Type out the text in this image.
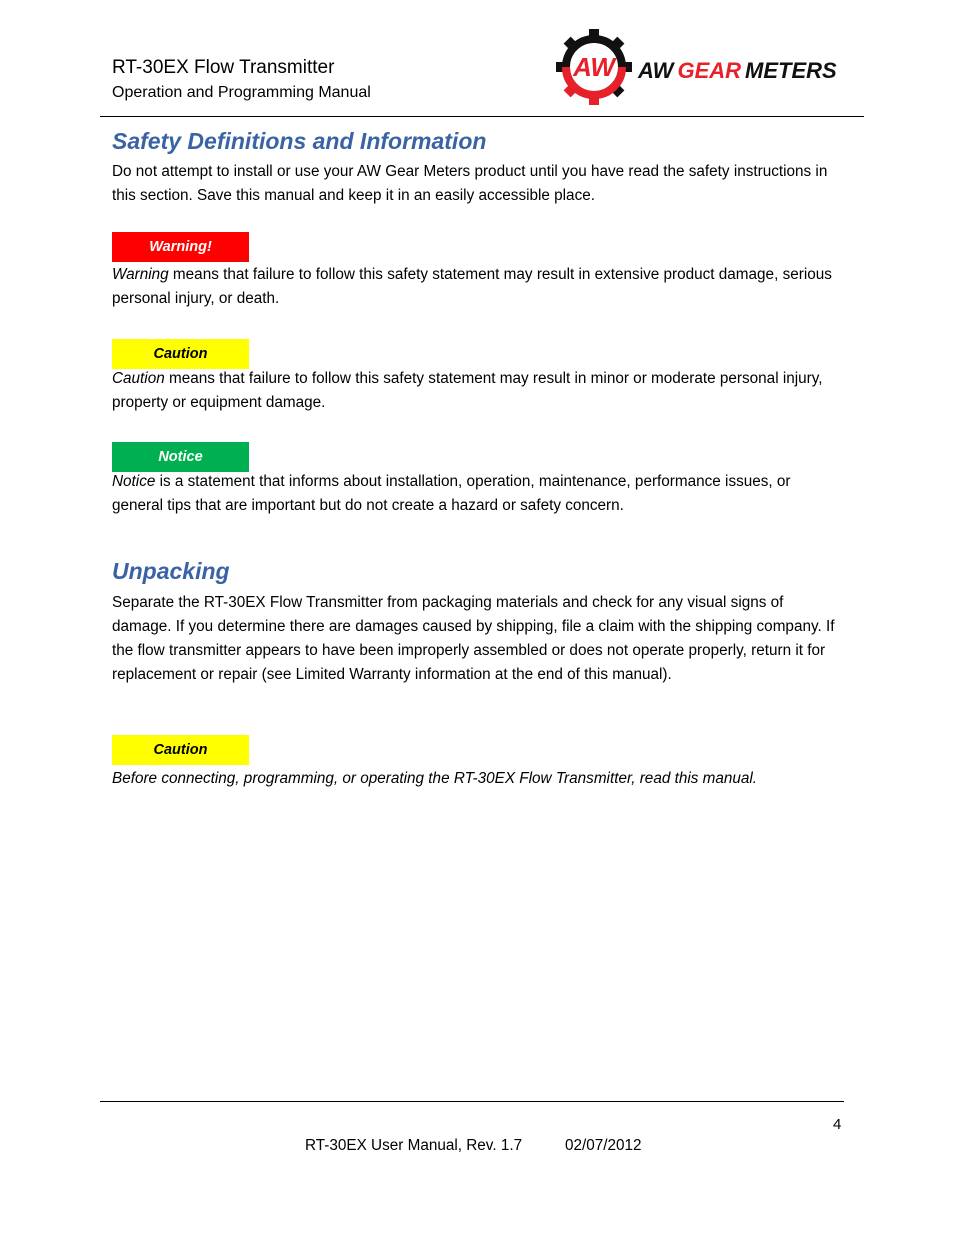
RT-30EX Flow Transmitter
Operation and Programming Manual
AW AW GEAR METERS
Safety Definitions and Information

Do not attempt to install or use your AW Gear Meters product until you have read the safety instructions in this section. Save this manual and keep it in an easily accessible place.

Warning!

Warning means that failure to follow this safety statement may result in extensive product damage, serious personal injury, or death.

Caution

Caution means that failure to follow this safety statement may result in minor or moderate personal injury, property or equipment damage.

Notice

Notice is a statement that informs about installation, operation, maintenance, performance issues, or general tips that are important but do not create a hazard or safety concern.

Unpacking

Separate the RT-30EX Flow Transmitter from packaging materials and check for any visual signs of damage. If you determine there are damages caused by shipping, file a claim with the shipping company. If the flow transmitter appears to have been improperly assembled or does not operate properly, return it for replacement or repair (see Limited Warranty information at the end of this manual).

Caution

Before connecting, programming, or operating the RT-30EX Flow Transmitter, read this manual.

4
RT-30EX User Manual, Rev. 1.7	02/07/2012
